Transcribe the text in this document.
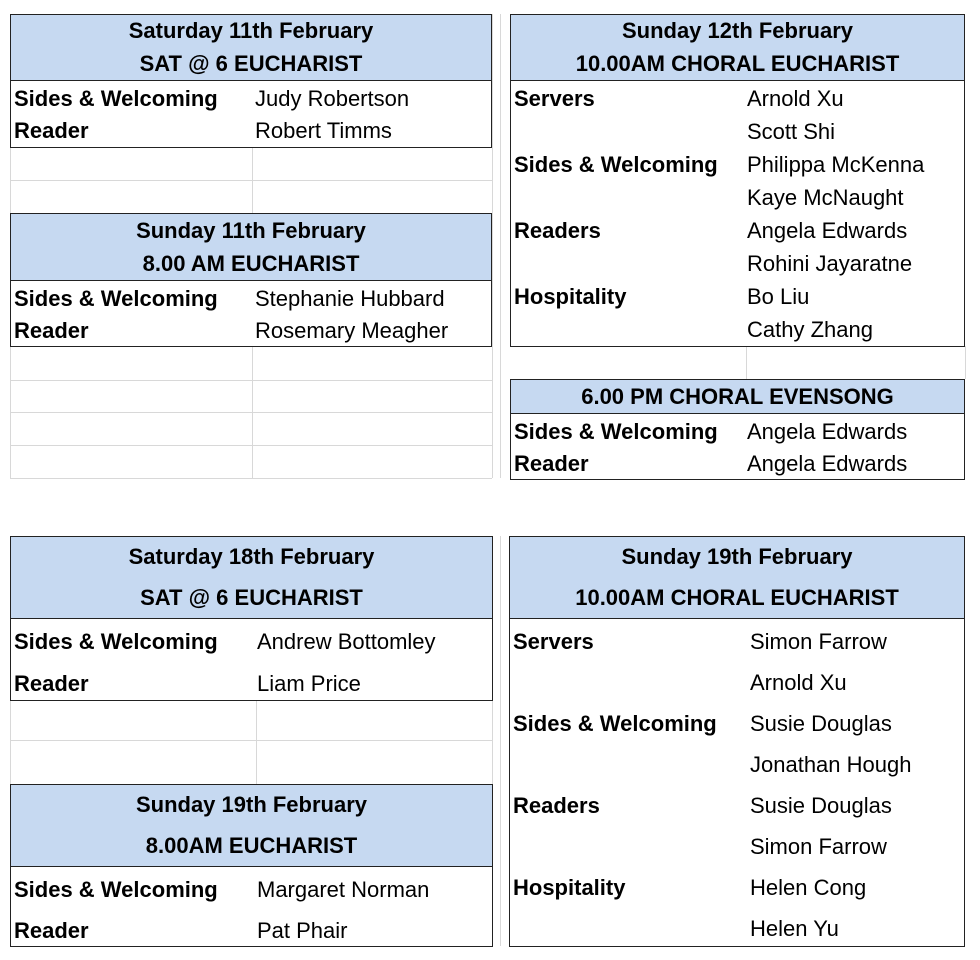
Saturday 11th February
SAT @ 6 EUCHARIST
Sides & Welcoming Judy Robertson
Reader	Robert Timms
Sunday 11th February
8.00 AM EUCHARIST
Sides & Welcoming Stephanie Hubbard
Reader	Rosemary Meagher
Sunday 12th February
10.00AM CHORAL EUCHARIST
Servers	Arnold Xu
Scott Shi
Sides & Welcoming Philippa McKenna
Kaye McNaught
Readers	Angela Edwards
Rohini Jayaratne
Hospitality	Bo Liu
Cathy Zhang
6.00 PM CHORAL EVENSONG
Sides & Welcoming Angela Edwards
Reader	Angela Edwards
Saturday 18th February
SAT @ 6 EUCHARIST
Sides & Welcoming Andrew Bottomley
Reader	Liam Price
Sunday 19th February
8.00AM EUCHARIST
Sides & Welcoming Margaret Norman
Reader	Pat Phair
Sunday 19th February
10.00AM CHORAL EUCHARIST
Servers	Simon Farrow
Arnold Xu
Sides & Welcoming Susie Douglas
Jonathan Hough
Readers	Susie Douglas
Simon Farrow
Hospitality	Helen Cong
Helen Yu
